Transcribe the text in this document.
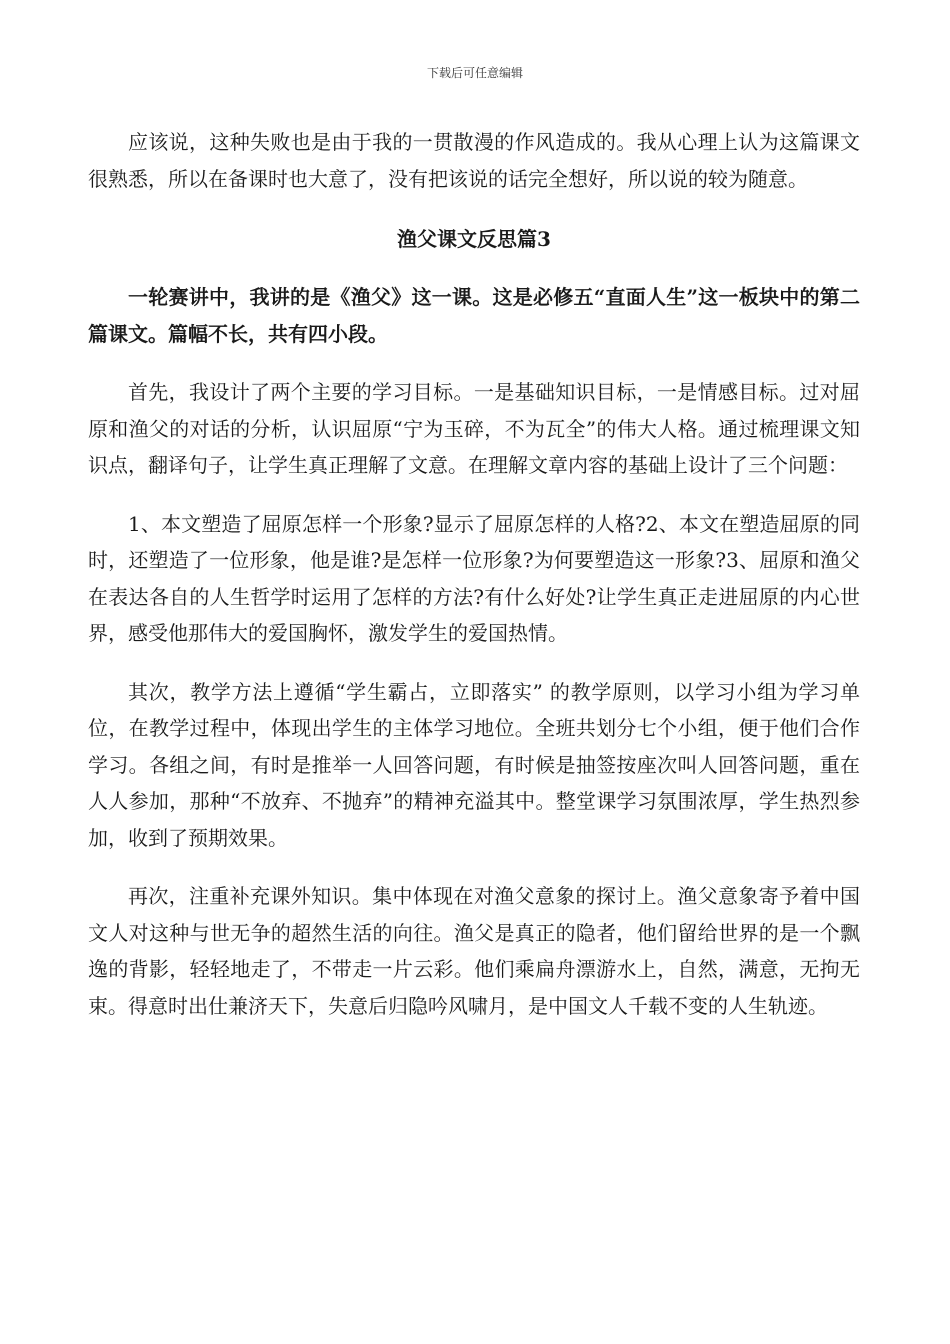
下载后可任意编辑

应该说，这种失败也是由于我的一贯散漫的作风造成的。我从心理上认为这篇课文很熟悉，所以在备课时也大意了，没有把该说的话完全想好，所以说的较为随意。

渔父课文反思篇3

一轮赛讲中，我讲的是《渔父》这一课。这是必修五“直面人生”这一板块中的第二篇课文。篇幅不长，共有四小段。

首先，我设计了两个主要的学习目标。一是基础知识目标，一是情感目标。过对屈原和渔父的对话的分析，认识屈原“宁为玉碎，不为瓦全”的伟大人格。通过梳理课文知识点，翻译句子，让学生真正理解了文意。在理解文章内容的基础上设计了三个问题：

1、本文塑造了屈原怎样一个形象?显示了屈原怎样的人格?2、本文在塑造屈原的同时，还塑造了一位形象，他是谁?是怎样一位形象?为何要塑造这一形象?3、屈原和渔父在表达各自的人生哲学时运用了怎样的方法?有什么好处?让学生真正走进屈原的内心世界，感受他那伟大的爱国胸怀，激发学生的爱国热情。

其次，教学方法上遵循“学生霸占，立即落实” 的教学原则，以学习小组为学习单位，在教学过程中，体现出学生的主体学习地位。全班共划分七个小组，便于他们合作学习。各组之间，有时是推举一人回答问题，有时候是抽签按座次叫人回答问题，重在人人参加，那种“不放弃、不抛弃”的精神充溢其中。整堂课学习氛围浓厚，学生热烈参加，收到了预期效果。

再次，注重补充课外知识。集中体现在对渔父意象的探讨上。渔父意象寄予着中国文人对这种与世无争的超然生活的向往。渔父是真正的隐者，他们留给世界的是一个飘逸的背影，轻轻地走了，不带走一片云彩。他们乘扁舟漂游水上，自然，满意，无拘无束。得意时出仕兼济天下，失意后归隐吟风啸月，是中国文人千载不变的人生轨迹。
